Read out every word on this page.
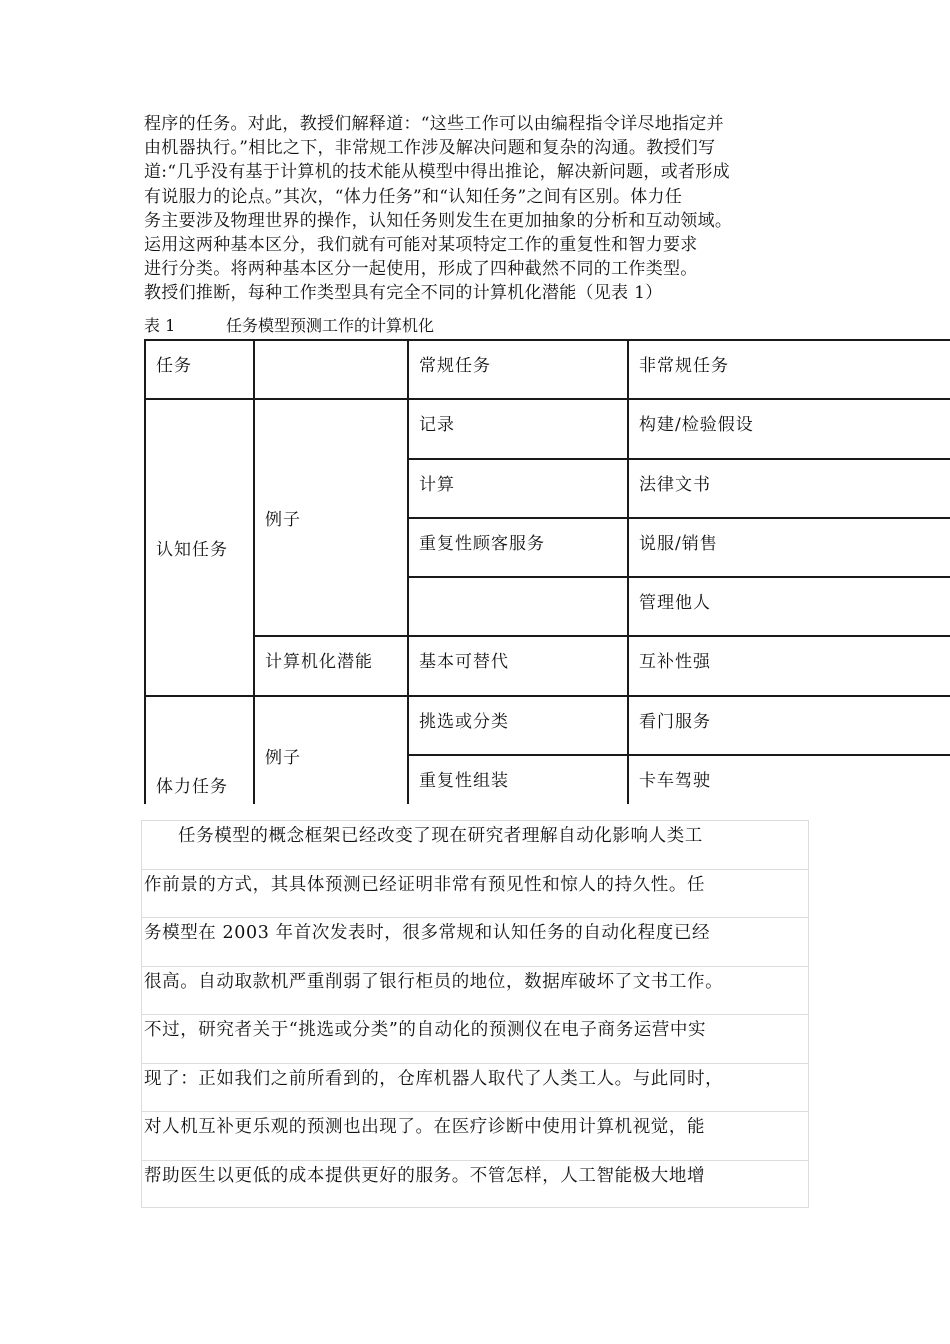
程序的任务。对此，教授们解释道：“这些工作可以由编程指令详尽地指定并

由机器执行。”相比之下，非常规工作涉及解决问题和复杂的沟通。教授们写

道:“几乎没有基于计算机的技术能从模型中得出推论，解决新问题，或者形成

有说服力的论点。”其次，“体力任务”和“认知任务”之间有区别。体力任

务主要涉及物理世界的操作，认知任务则发生在更加抽象的分析和互动领域。

运用这两种基本区分，我们就有可能对某项特定工作的重复性和智力要求

进行分类。将两种基本区分一起使用，形成了四种截然不同的工作类型。

教授们推断，每种工作类型具有完全不同的计算机化潜能（见表 1）

表 1	任务模型预测工作的计算机化
任务		常规任务	非常规任务
认知任务	例子	记录	构建/检验假设
		计算	法律文书
		重复性顾客服务	说服/销售
			管理他人
	计算机化潜能	基本可替代	互补性强
体力任务	例子	挑选或分类	看门服务
		重复性组装	卡车驾驶

任务模型的概念框架已经改变了现在研究者理解自动化影响人类工
作前景的方式，其具体预测已经证明非常有预见性和惊人的持久性。任
务模型在 2003 年首次发表时，很多常规和认知任务的自动化程度已经
很高。自动取款机严重削弱了银行柜员的地位，数据库破坏了文书工作。
不过，研究者关于“挑选或分类”的自动化的预测仪在电子商务运营中实
现了：正如我们之前所看到的，仓库机器人取代了人类工人。与此同时，
对人机互补更乐观的预测也出现了。在医疗诊断中使用计算机视觉，能
帮助医生以更低的成本提供更好的服务。不管怎样，人工智能极大地增
